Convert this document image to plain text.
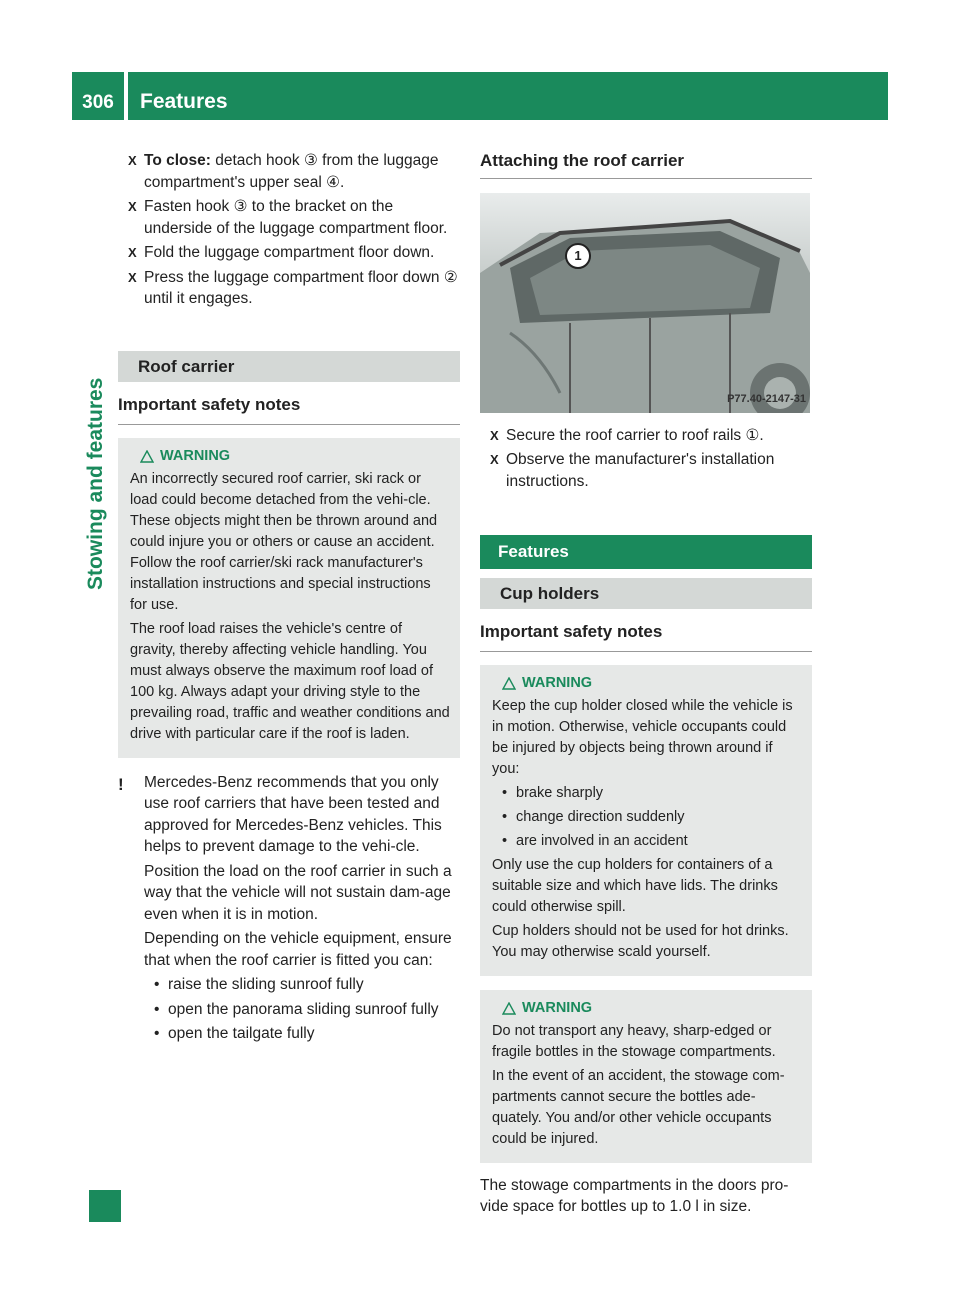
306	Features
Stowing and features
X To close: detach hook ③ from the luggage compartment's upper seal ④.
X Fasten hook ③ to the bracket on the underside of the luggage compartment floor.
X Fold the luggage compartment floor down.
X Press the luggage compartment floor down ② until it engages.
Roof carrier
Important safety notes
WARNING

An incorrectly secured roof carrier, ski rack or load could become detached from the vehi-cle. These objects might then be thrown around and could injure you or others or cause an accident. Follow the roof carrier/ski rack manufacturer's installation instructions and special instructions for use.

The roof load raises the vehicle's centre of gravity, thereby affecting vehicle handling. You must always observe the maximum roof load of 100 kg. Always adapt your driving style to the prevailing road, traffic and weather conditions and drive with particular care if the roof is laden.

!	Mercedes-Benz recommends that you only use roof carriers that have been tested and approved for Mercedes-Benz vehicles. This helps to prevent damage to the vehi-cle.

Position the load on the roof carrier in such a way that the vehicle will not sustain dam-age even when it is in motion.

Depending on the vehicle equipment, ensure that when the roof carrier is fitted you can:

• raise the sliding sunroof fully

• open the panorama sliding sunroof fully

• open the tailgate fully

Attaching the roof carrier
1
P77.40-2147-31
X Secure the roof carrier to roof rails ①.
X Observe the manufacturer's installation instructions.
Features
Cup holders
Important safety notes
WARNING

Keep the cup holder closed while the vehicle is in motion. Otherwise, vehicle occupants could be injured by objects being thrown around if you:

• brake sharply

• change direction suddenly

• are involved in an accident

Only use the cup holders for containers of a suitable size and which have lids. The drinks could otherwise spill.

Cup holders should not be used for hot drinks. You may otherwise scald yourself.

WARNING

Do not transport any heavy, sharp-edged or fragile bottles in the stowage compartments.

In the event of an accident, the stowage com-partments cannot secure the bottles ade-quately. You and/or other vehicle occupants could be injured.

The stowage compartments in the doors pro-vide space for bottles up to 1.0 l in size.
